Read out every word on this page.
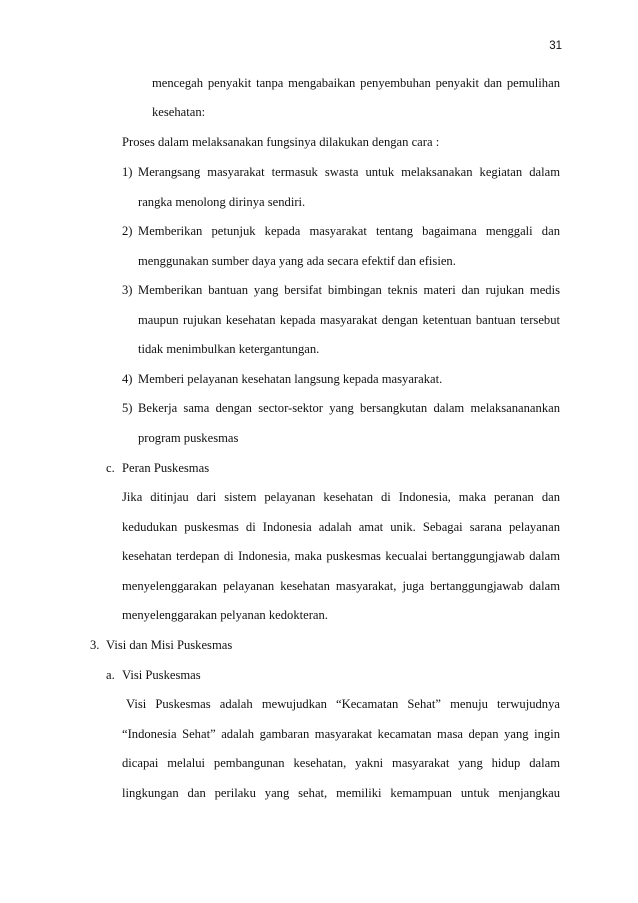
31
mencegah penyakit tanpa mengabaikan penyembuhan penyakit dan pemulihan
kesehatan:
Proses dalam melaksanakan fungsinya dilakukan dengan cara :
1) Merangsang masyarakat termasuk swasta untuk melaksanakan kegiatan dalam
rangka menolong dirinya sendiri.
2) Memberikan petunjuk kepada masyarakat tentang bagaimana menggali dan
menggunakan sumber daya yang ada secara efektif dan efisien.
3) Memberikan bantuan yang bersifat bimbingan teknis materi dan rujukan medis
maupun rujukan kesehatan kepada masyarakat dengan ketentuan bantuan tersebut
tidak menimbulkan ketergantungan.
4) Memberi pelayanan kesehatan langsung kepada masyarakat.
5) Bekerja sama dengan sector-sektor yang bersangkutan dalam melaksananankan
program puskesmas
c. Peran Puskesmas
Jika ditinjau dari sistem pelayanan kesehatan di Indonesia, maka peranan dan
kedudukan puskesmas di Indonesia adalah amat unik. Sebagai sarana pelayanan
kesehatan terdepan di Indonesia, maka puskesmas kecualai bertanggungjawab dalam
menyelenggarakan pelayanan kesehatan masyarakat, juga bertanggungjawab dalam
menyelenggarakan pelyanan kedokteran.
3. Visi dan Misi Puskesmas
a. Visi Puskesmas
Visi Puskesmas adalah mewujudkan “Kecamatan Sehat” menuju terwujudnya
“Indonesia Sehat” adalah gambaran masyarakat kecamatan masa depan yang ingin
dicapai melalui pembangunan kesehatan, yakni masyarakat yang hidup dalam
lingkungan dan perilaku yang sehat, memiliki kemampuan untuk menjangkau
